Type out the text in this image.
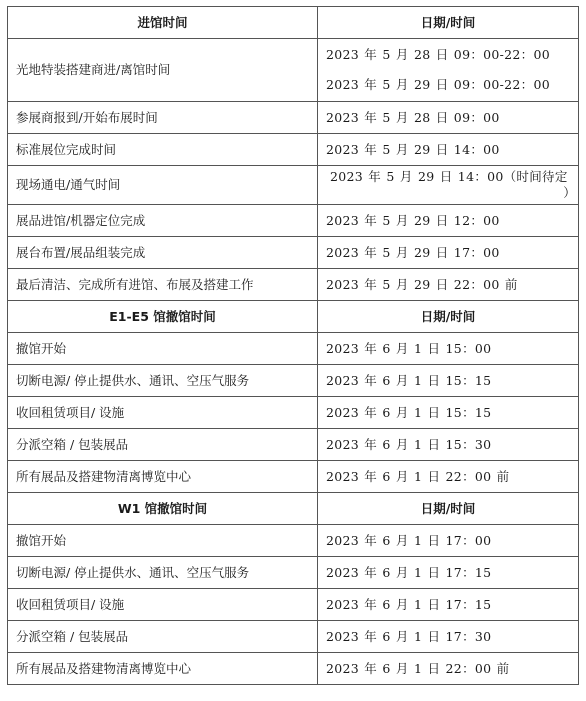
进馆时间	日期/时间
光地特装搭建商进/离馆时间	2023 年 5 月 28 日 09：00-22：00
2023 年 5 月 29 日 09：00-22：00

参展商报到/开始布展时间	2023 年 5 月 28 日 09：00
标准展位完成时间	2023 年 5 月 29 日 14：00
现场通电/通气时间	2023 年 5 月 29 日 14：00（时间待定
）

展品进馆/机器定位完成	2023 年 5 月 29 日 12：00
展台布置/展品组装完成	2023 年 5 月 29 日 17：00
最后清洁、完成所有进馆、布展及搭建工作	2023 年 5 月 29 日 22：00 前
E1-E5 馆撤馆时间	日期/时间
撤馆开始	2023 年 6 月 1 日 15：00
切断电源/ 停止提供水、通讯、空压气服务	2023 年 6 月 1 日 15：15
收回租赁项目/ 设施	2023 年 6 月 1 日 15：15
分派空箱 / 包装展品	2023 年 6 月 1 日 15：30
所有展品及搭建物清离博览中心	2023 年 6 月 1 日 22：00 前
W1 馆撤馆时间	日期/时间
撤馆开始	2023 年 6 月 1 日 17：00
切断电源/ 停止提供水、通讯、空压气服务	2023 年 6 月 1 日 17：15
收回租赁项目/ 设施	2023 年 6 月 1 日 17：15
分派空箱 / 包装展品	2023 年 6 月 1 日 17：30
所有展品及搭建物清离博览中心	2023 年 6 月 1 日 22：00 前
